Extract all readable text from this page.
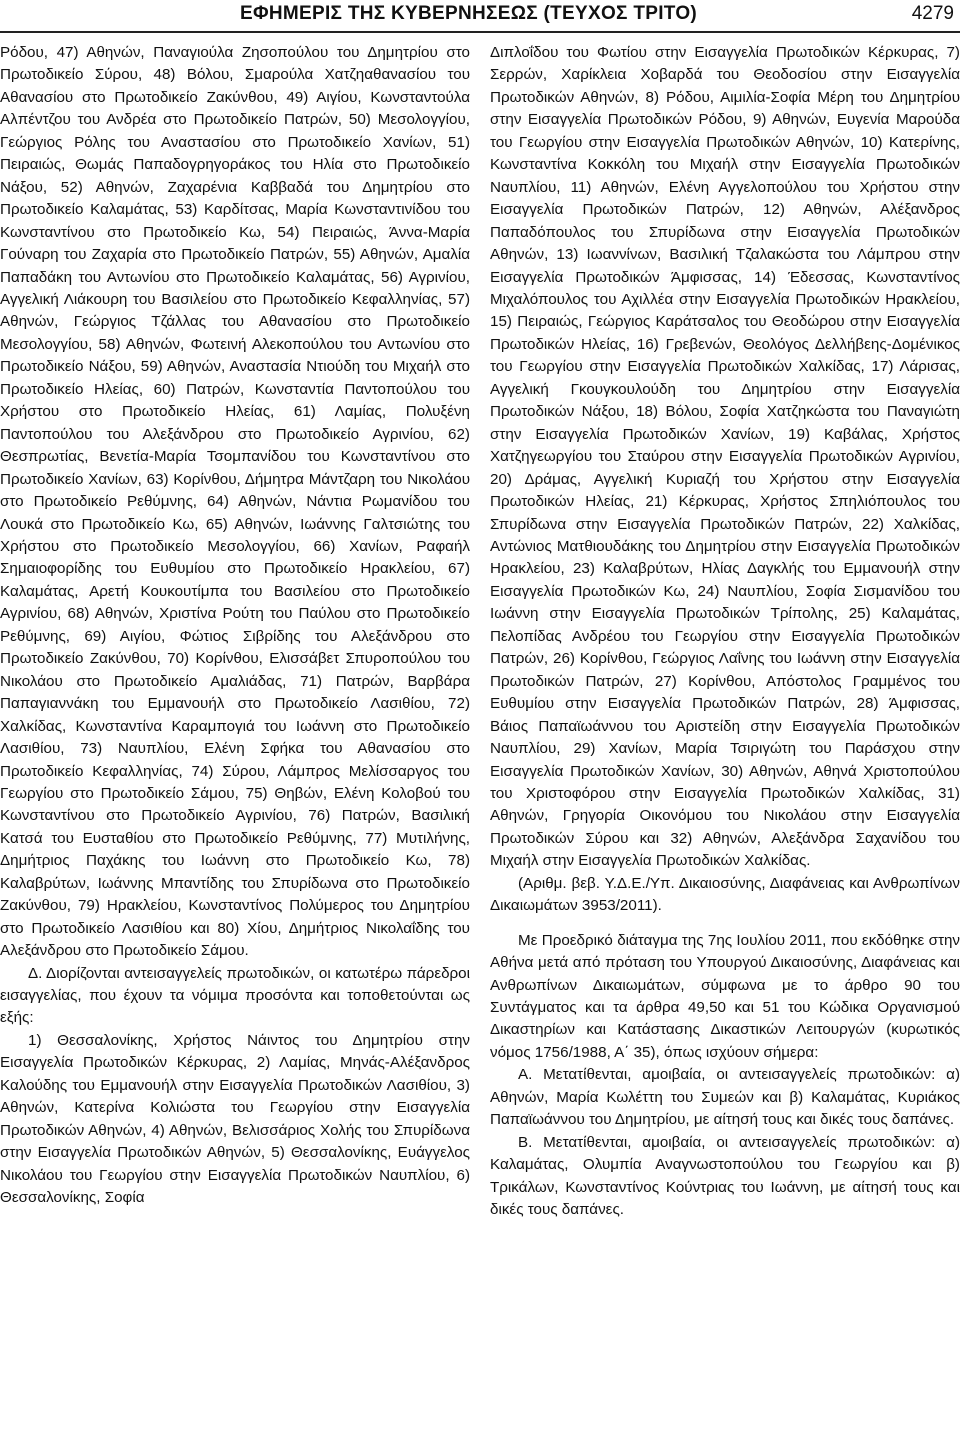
ΕΦΗΜΕΡΙΣ ΤΗΣ ΚΥΒΕΡΝΗΣΕΩΣ (ΤΕΥΧΟΣ ΤΡΙΤΟ)	4279

Ρόδου, 47) Αθηνών, Παναγιούλα Ζησοπούλου του Δημητρίου στο Πρωτοδικείο Σύρου, 48) Βόλου, Σμαρούλα Χατζηαθανασίου του Αθανασίου στο Πρωτοδικείο Ζακύνθου, 49) Αιγίου, Κωνσταντούλα Αλπέντζου του Ανδρέα στο Πρωτοδικείο Πατρών, 50) Μεσολογγίου, Γεώργιος Ρόλης του Αναστασίου στο Πρωτοδικείο Χανίων, 51) Πειραιώς, Θωμάς Παπαδογρηγοράκος του Ηλία στο Πρωτοδικείο Νάξου, 52) Αθηνών, Ζαχαρένια Καββαδά του Δημητρίου στο Πρωτοδικείο Καλαμάτας, 53) Καρδίτσας, Μαρία Κωνσταντινίδου του Κωνσταντίνου στο Πρωτοδικείο Κω, 54) Πειραιώς, Άννα-Μαρία Γούναρη του Ζαχαρία στο Πρωτοδικείο Πατρών, 55) Αθηνών, Αμαλία Παπαδάκη του Αντωνίου στο Πρωτοδικείο Καλαμάτας, 56) Αγρινίου, Αγγελική Λιάκουρη του Βασιλείου στο Πρωτοδικείο Κεφαλληνίας, 57) Αθηνών, Γεώργιος Τζάλλας του Αθανασίου στο Πρωτοδικείο Μεσολογγίου, 58) Αθηνών, Φωτεινή Αλεκοπούλου του Αντωνίου στο Πρωτοδικείο Νάξου, 59) Αθηνών, Αναστασία Ντιούδη του Μιχαήλ στο Πρωτοδικείο Ηλείας, 60) Πατρών, Κωνσταντία Παντοπούλου του Χρήστου στο Πρωτοδικείο Ηλείας, 61) Λαμίας, Πολυξένη Παντοπούλου του Αλεξάνδρου στο Πρωτοδικείο Αγρινίου, 62) Θεσπρωτίας, Βενετία-Μαρία Τσομπανίδου του Κωνσταντίνου στο Πρωτοδικείο Χανίων, 63) Κορίνθου, Δήμητρα Μάντζαρη του Νικολάου στο Πρωτοδικείο Ρεθύμνης, 64) Αθηνών, Νάντια Ρωμανίδου του Λουκά στο Πρωτοδικείο Κω, 65) Αθηνών, Ιωάννης Γαλτσιώτης του Χρήστου στο Πρωτοδικείο Μεσολογγίου, 66) Χανίων, Ραφαήλ Σημαιοφορίδης του Ευθυμίου στο Πρωτοδικείο Ηρακλείου, 67) Καλαμάτας, Αρετή Κουκουτίμπα του Βασιλείου στο Πρωτοδικείο Αγρινίου, 68) Αθηνών, Χριστίνα Ρούτη του Παύλου στο Πρωτοδικείο Ρεθύμνης, 69) Αιγίου, Φώτιος Σιβρίδης του Αλεξάνδρου στο Πρωτοδικείο Ζακύνθου, 70) Κορίνθου, Ελισσάβετ Σπυροπούλου του Νικολάου στο Πρωτοδικείο Αμαλιάδας, 71) Πατρών, Βαρβάρα Παπαγιαννάκη του Εμμανουήλ στο Πρωτοδικείο Λασιθίου, 72) Χαλκίδας, Κωνσταντίνα Καραμπογιά του Ιωάννη στο Πρωτοδικείο Λασιθίου, 73) Ναυπλίου, Ελένη Σφήκα του Αθανασίου στο Πρωτοδικείο Κεφαλληνίας, 74) Σύρου, Λάμπρος Μελίσσαργος του Γεωργίου στο Πρωτοδικείο Σάμου, 75) Θηβών, Ελένη Κολοβού του Κωνσταντίνου στο Πρωτοδικείο Αγρινίου, 76) Πατρών, Βασιλική Κατσά του Ευσταθίου στο Πρωτοδικείο Ρεθύμνης, 77) Μυτιλήνης, Δημήτριος Παχάκης του Ιωάννη στο Πρωτοδικείο Κω, 78) Καλαβρύτων, Ιωάννης Μπαντίδης του Σπυρίδωνα στο Πρωτοδικείο Ζακύνθου, 79) Ηρακλείου, Κωνσταντίνος Πολύμερος του Δημητρίου στο Πρωτοδικείο Λασιθίου και 80) Χίου, Δημήτριος Νικολαΐδης του Αλεξάνδρου στο Πρωτοδικείο Σάμου.

Δ. Διορίζονται αντεισαγγελείς πρωτοδικών, οι κατωτέρω πάρεδροι εισαγγελίας, που έχουν τα νόμιμα προσόντα και τοποθετούνται ως εξής:

1) Θεσσαλονίκης, Χρήστος Νάιντος του Δημητρίου στην Εισαγγελία Πρωτοδικών Κέρκυρας, 2) Λαμίας, Μηνάς-Αλέξανδρος Καλούδης του Εμμανουήλ στην Εισαγγελία Πρωτοδικών Λασιθίου, 3) Αθηνών, Κατερίνα Κολιώστα του Γεωργίου στην Εισαγγελία Πρωτοδικών Αθηνών, 4) Αθηνών, Βελισσάριος Χολής του Σπυρίδωνα στην Εισαγγελία Πρωτοδικών Αθηνών, 5) Θεσσαλονίκης, Ευάγγελος Νικολάου του Γεωργίου στην Εισαγγελία Πρωτοδικών Ναυπλίου, 6) Θεσσαλονίκης, Σοφία

Διπλοΐδου του Φωτίου στην Εισαγγελία Πρωτοδικών Κέρκυρας, 7) Σερρών, Χαρίκλεια Χοβαρδά του Θεοδοσίου στην Εισαγγελία Πρωτοδικών Αθηνών, 8) Ρόδου, Αιμιλία-Σοφία Μέρη του Δημητρίου στην Εισαγγελία Πρωτοδικών Ρόδου, 9) Αθηνών, Ευγενία Μαρούδα του Γεωργίου στην Εισαγγελία Πρωτοδικών Αθηνών, 10) Κατερίνης, Κωνσταντίνα Κοκκόλη του Μιχαήλ στην Εισαγγελία Πρωτοδικών Ναυπλίου, 11) Αθηνών, Ελένη Αγγελοπούλου του Χρήστου στην Εισαγγελία Πρωτοδικών Πατρών, 12) Αθηνών, Αλέξανδρος Παπαδόπουλος του Σπυρίδωνα στην Εισαγγελία Πρωτοδικών Αθηνών, 13) Ιωαννίνων, Βασιλική Τζαλακώστα του Λάμπρου στην Εισαγγελία Πρωτοδικών Άμφισσας, 14) Έδεσσας, Κωνσταντίνος Μιχαλόπουλος του Αχιλλέα στην Εισαγγελία Πρωτοδικών Ηρακλείου, 15) Πειραιώς, Γεώργιος Καράτσαλος του Θεοδώρου στην Εισαγγελία Πρωτοδικών Ηλείας, 16) Γρεβενών, Θεολόγος Δελλήβεης-Δομένικος του Γεωργίου στην Εισαγγελία Πρωτοδικών Χαλκίδας, 17) Λάρισας, Αγγελική Γκουγκουλούδη του Δημητρίου στην Εισαγγελία Πρωτοδικών Νάξου, 18) Βόλου, Σοφία Χατζηκώστα του Παναγιώτη στην Εισαγγελία Πρωτοδικών Χανίων, 19) Καβάλας, Χρήστος Χατζηγεωργίου του Σταύρου στην Εισαγγελία Πρωτοδικών Αγρινίου, 20) Δράμας, Αγγελική Κυριαζή του Χρήστου στην Εισαγγελία Πρωτοδικών Ηλείας, 21) Κέρκυρας, Χρήστος Σπηλιόπουλος του Σπυρίδωνα στην Εισαγγελία Πρωτοδικών Πατρών, 22) Χαλκίδας, Αντώνιος Ματθιουδάκης του Δημητρίου στην Εισαγγελία Πρωτοδικών Ηρακλείου, 23) Καλαβρύτων, Ηλίας Δαγκλής του Εμμανουήλ στην Εισαγγελία Πρωτοδικών Κω, 24) Ναυπλίου, Σοφία Σισμανίδου του Ιωάννη στην Εισαγγελία Πρωτοδικών Τρίπολης, 25) Καλαμάτας, Πελοπίδας Ανδρέου του Γεωργίου στην Εισαγγελία Πρωτοδικών Πατρών, 26) Κορίνθου, Γεώργιος Λαΐνης του Ιωάννη στην Εισαγγελία Πρωτοδικών Πατρών, 27) Κορίνθου, Απόστολος Γραμμένος του Ευθυμίου στην Εισαγγελία Πρωτοδικών Πατρών, 28) Άμφισσας, Βάιος Παπαϊωάννου του Αριστείδη στην Εισαγγελία Πρωτοδικών Ναυπλίου, 29) Χανίων, Μαρία Τσιριγώτη του Παράσχου στην Εισαγγελία Πρωτοδικών Χανίων, 30) Αθηνών, Αθηνά Χριστοπούλου του Χριστοφόρου στην Εισαγγελία Πρωτοδικών Χαλκίδας, 31) Αθηνών, Γρηγορία Οικονόμου του Νικολάου στην Εισαγγελία Πρωτοδικών Σύρου και 32) Αθηνών, Αλεξάνδρα Σαχανίδου του Μιχαήλ στην Εισαγγελία Πρωτοδικών Χαλκίδας.

(Αριθμ. βεβ. Υ.Δ.Ε./Υπ. Δικαιοσύνης, Διαφάνειας και Ανθρωπίνων Δικαιωμάτων 3953/2011).

Με Προεδρικό διάταγμα της 7ης Ιουλίου 2011, που εκδόθηκε στην Αθήνα μετά από πρόταση του Υπουργού Δικαιοσύνης, Διαφάνειας και Ανθρωπίνων Δικαιωμάτων, σύμφωνα με το άρθρο 90 του Συντάγματος και τα άρθρα 49,50 και 51 του Κώδικα Οργανισμού Δικαστηρίων και Κατάστασης Δικαστικών Λειτουργών (κυρωτικός νόμος 1756/1988, Α΄ 35), όπως ισχύουν σήμερα:

Α. Μετατίθενται, αμοιβαία, οι αντεισαγγελείς πρωτοδικών: α) Αθηνών, Μαρία Κωλέττη του Συμεών και β) Καλαμάτας, Κυριάκος Παπαϊωάννου του Δημητρίου, με αίτησή τους και δικές τους δαπάνες.

Β. Μετατίθενται, αμοιβαία, οι αντεισαγγελείς πρωτοδικών: α) Καλαμάτας, Ολυμπία Αναγνωστοπούλου του Γεωργίου και β) Τρικάλων, Κωνσταντίνος Κούντριας του Ιωάννη, με αίτησή τους και δικές τους δαπάνες.
